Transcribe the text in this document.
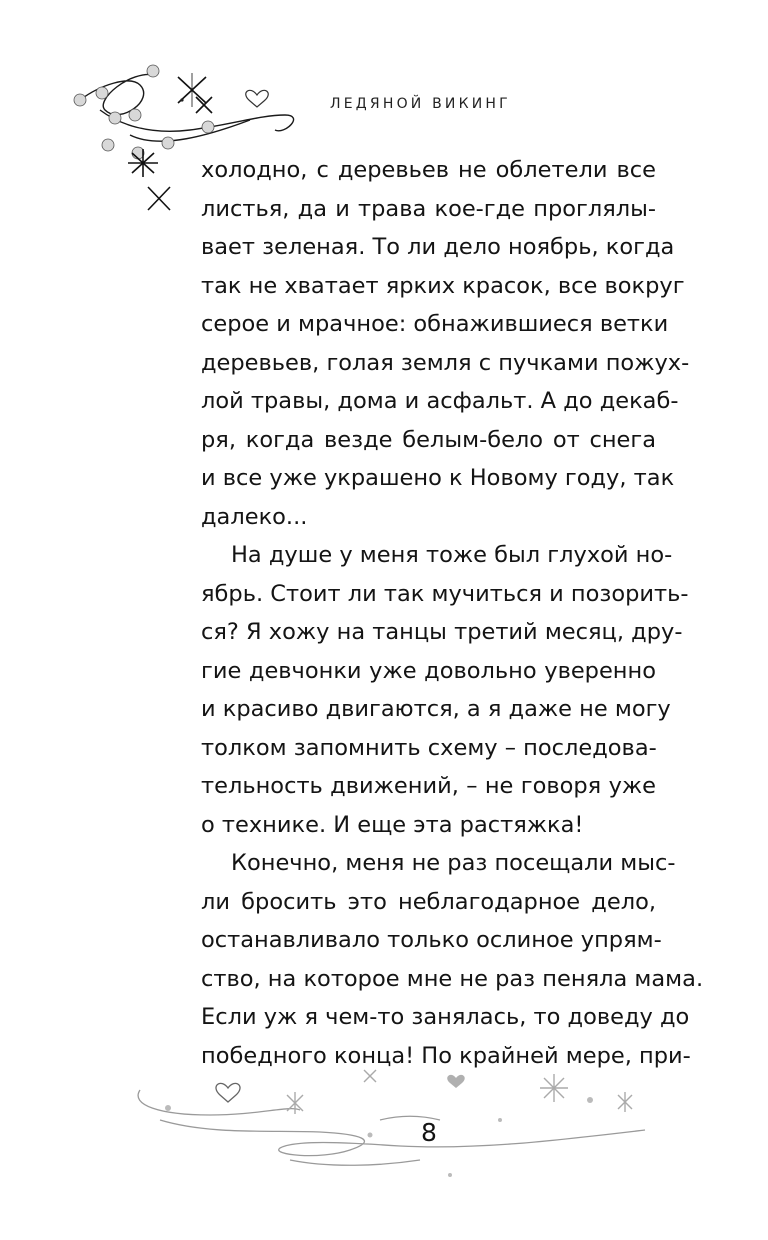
ЛЕДЯНОЙ ВИКИНГ
холодно, с деревьев не облетели все
листья, да и трава кое-где проглялы-
вает зеленая. То ли дело ноябрь, когда
так не хватает ярких красок, все вокруг
серое и мрачное: обнажившиеся ветки
деревьев, голая земля с пучками пожух-
лой травы, дома и асфальт. А до декаб-
ря, когда везде белым-бело от снега
и все уже украшено к Новому году, так
далеко...
На душе у меня тоже был глухой но-
ябрь. Стоит ли так мучиться и позорить-
ся? Я хожу на танцы третий месяц, дру-
гие девчонки уже довольно уверенно
и красиво двигаются, а я даже не могу
толком запомнить схему – последова-
тельность движений, – не говоря уже
о технике. И еще эта растяжка!
Конечно, меня не раз посещали мыс-
ли бросить это неблагодарное дело,
останавливало только ослиное упрям-
ство, на которое мне не раз пеняла мама.
Если уж я чем-то занялась, то доведу до
победного конца! По крайней мере, при-
8
